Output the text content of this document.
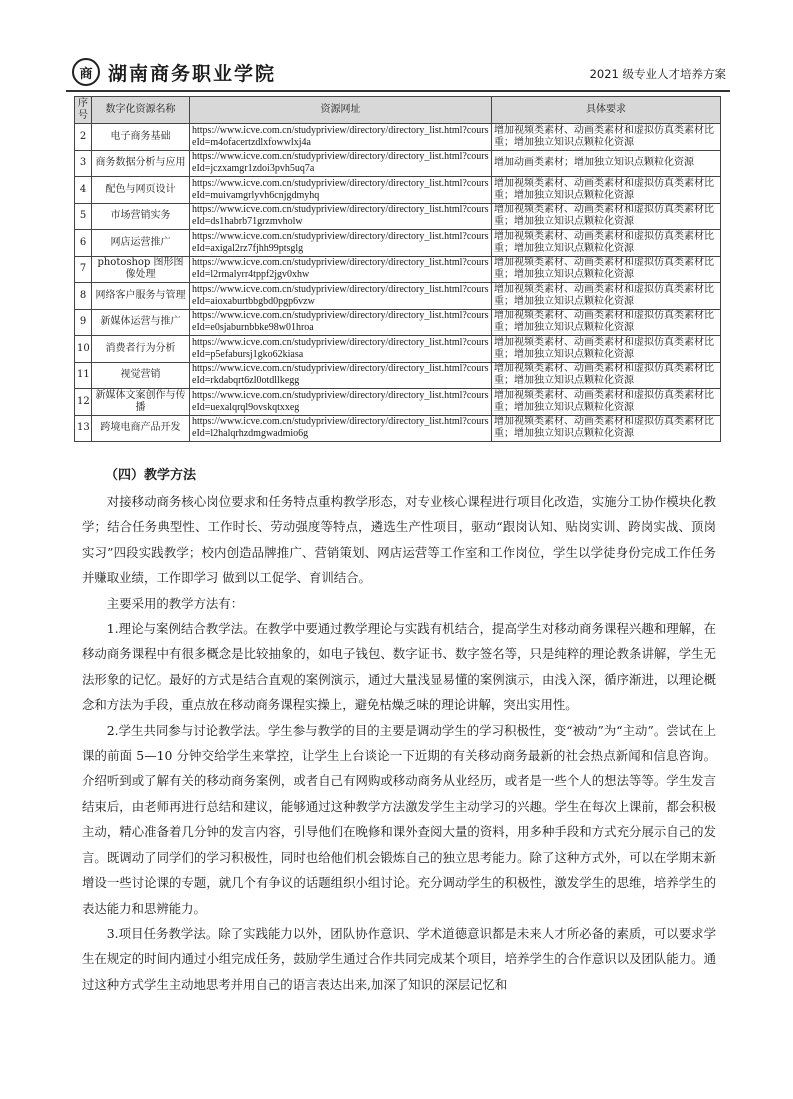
商 湖南商务职业学院	2021 级专业人才培养方案
序号	数字化资源名称	资源网址	具体要求
2	电子商务基础	https://www.icve.com.cn/studypriview/directory/directory_list.html?courseId=m4ofacertzdlxfowwlxj4a	增加视频类素材、动画类素材和虚拟仿真类素材比重；增加独立知识点颗粒化资源
3	商务数据分析与应用	https://www.icve.com.cn/studypriview/directory/directory_list.html?courseId=jczxamgr1zdoi3pvh5uq7a	增加动画类素材；增加独立知识点颗粒化资源
4	配色与网页设计	https://www.icve.com.cn/studypriview/directory/directory_list.html?courseId=muivamgrlyvh6cnjgdmyhq	增加视频类素材、动画类素材和虚拟仿真类素材比重；增加独立知识点颗粒化资源
5	市场营销实务	https://www.icve.com.cn/studypriview/directory/directory_list.html?courseId=ds1habrb71grzmvholw	增加视频类素材、动画类素材和虚拟仿真类素材比重；增加独立知识点颗粒化资源
6	网店运营推广	https://www.icve.com.cn/studypriview/directory/directory_list.html?courseId=axigal2rz7fjhh99ptsglg	增加视频类素材、动画类素材和虚拟仿真类素材比重；增加独立知识点颗粒化资源
7	photoshop 图形图像处理	https://www.icve.com.cn/studypriview/directory/directory_list.html?courseId=l2rmalyrr4tppf2jgv0xhw	增加视频类素材、动画类素材和虚拟仿真类素材比重；增加独立知识点颗粒化资源
8	网络客户服务与管理	https://www.icve.com.cn/studypriview/directory/directory_list.html?courseId=aioxaburtbbgbd0pgp6vzw	增加视频类素材、动画类素材和虚拟仿真类素材比重；增加独立知识点颗粒化资源
9	新媒体运营与推广	https://www.icve.com.cn/studypriview/directory/directory_list.html?courseId=e0sjaburnbbke98w01hroa	增加视频类素材、动画类素材和虚拟仿真类素材比重；增加独立知识点颗粒化资源
10	消费者行为分析	https://www.icve.com.cn/studypriview/directory/directory_list.html?courseId=p5efabursj1gko62kiasa	增加视频类素材、动画类素材和虚拟仿真类素材比重；增加独立知识点颗粒化资源
11	视觉营销	https://www.icve.com.cn/studypriview/directory/directory_list.html?courseId=rkdabqrt6zl0otdllkegg	增加视频类素材、动画类素材和虚拟仿真类素材比重；增加独立知识点颗粒化资源
12	新媒体文案创作与传播	https://www.icve.com.cn/studypriview/directory/directory_list.html?courseId=uexalqrql9ovskqtxxeg	增加视频类素材、动画类素材和虚拟仿真类素材比重；增加独立知识点颗粒化资源
13	跨境电商产品开发	https://www.icve.com.cn/studypriview/directory/directory_list.html?courseId=l2halqrhzdmgwadmio6g	增加视频类素材、动画类素材和虚拟仿真类素材比重；增加独立知识点颗粒化资源
（四）教学方法

对接移动商务核心岗位要求和任务特点重构教学形态，对专业核心课程进行项目化改造，实施分工协作模块化教学；结合任务典型性、工作时长、劳动强度等特点，遴选生产性项目，驱动“跟岗认知、贴岗实训、跨岗实战、顶岗实习”四段实践教学；校内创造品牌推广、营销策划、网店运营等工作室和工作岗位，学生以学徒身份完成工作任务并赚取业绩，工作即学习 做到以工促学、育训结合。

主要采用的教学方法有：

1.理论与案例结合教学法。在教学中要通过教学理论与实践有机结合，提高学生对移动商务课程兴趣和理解，在移动商务课程中有很多概念是比较抽象的，如电子钱包、数字证书、数字签名等，只是纯粹的理论教条讲解，学生无法形象的记忆。最好的方式是结合直观的案例演示，通过大量浅显易懂的案例演示，由浅入深，循序渐进，以理论概念和方法为手段，重点放在移动商务课程实操上，避免枯燥乏味的理论讲解，突出实用性。

2.学生共同参与讨论教学法。学生参与教学的目的主要是调动学生的学习积极性，变“被动”为“主动”。尝试在上课的前面 5—10 分钟交给学生来掌控，让学生上台谈论一下近期的有关移动商务最新的社会热点新闻和信息咨询。介绍听到或了解有关的移动商务案例，或者自己有网购或移动商务从业经历，或者是一些个人的想法等等。学生发言结束后，由老师再进行总结和建议，能够通过这种教学方法激发学生主动学习的兴趣。学生在每次上课前，都会积极主动，精心准备着几分钟的发言内容，引导他们在晚修和课外查阅大量的资料，用多种手段和方式充分展示自己的发言。既调动了同学们的学习积极性，同时也给他们机会锻炼自己的独立思考能力。除了这种方式外，可以在学期末新增设一些讨论课的专题，就几个有争议的话题组织小组讨论。充分调动学生的积极性，激发学生的思维，培养学生的表达能力和思辨能力。

3.项目任务教学法。除了实践能力以外，团队协作意识、学术道德意识都是未来人才所必备的素质，可以要求学生在规定的时间内通过小组完成任务，鼓励学生通过合作共同完成某个项目，培养学生的合作意识以及团队能力。通过这种方式学生主动地思考并用自己的语言表达出来,加深了知识的深层记忆和
